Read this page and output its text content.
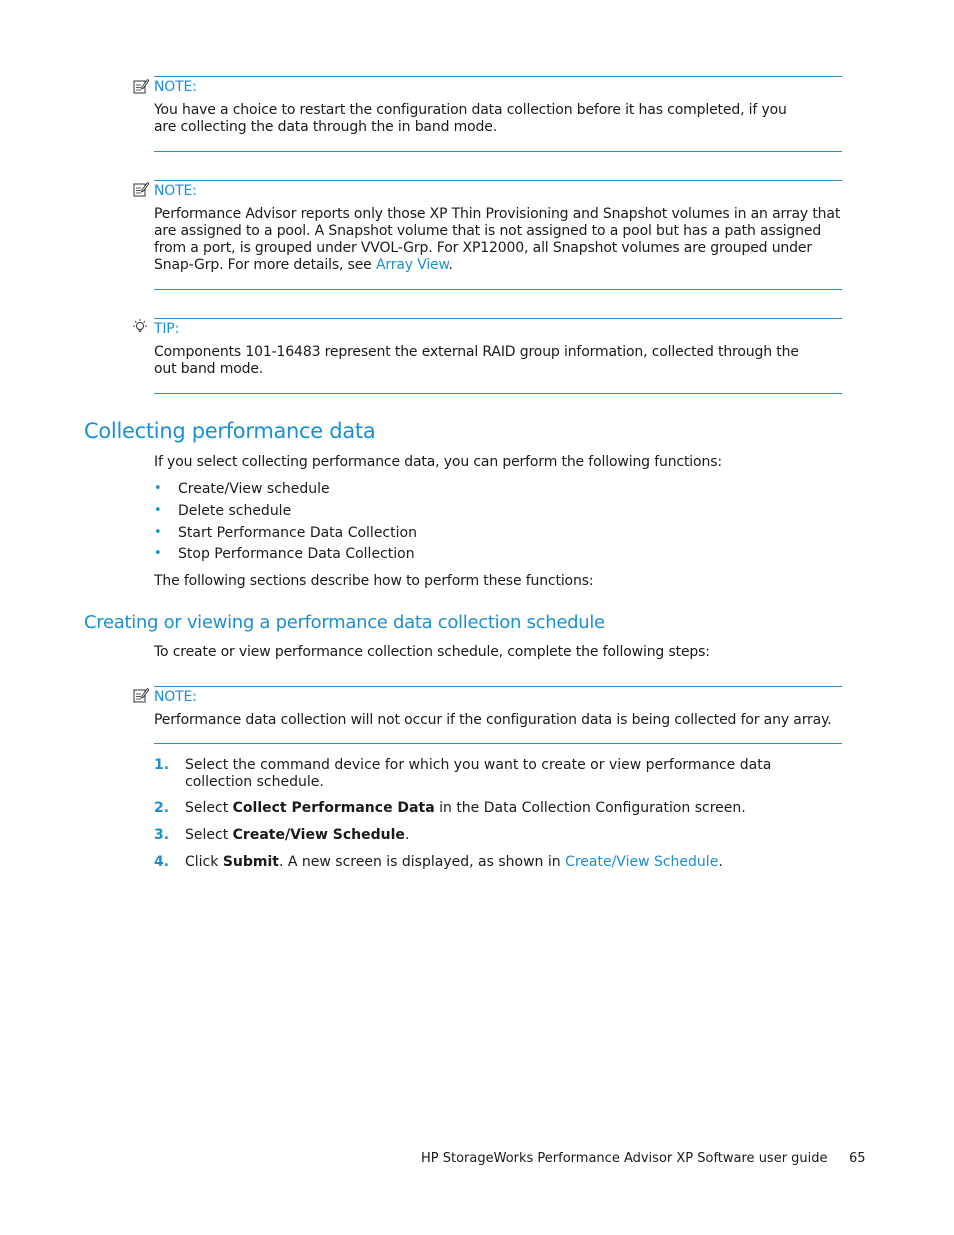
NOTE:
You have a choice to restart the configuration data collection before it has completed, if you are collecting the data through the in band mode.
NOTE:
Performance Advisor reports only those XP Thin Provisioning and Snapshot volumes in an array that are assigned to a pool. A Snapshot volume that is not assigned to a pool but has a path assigned from a port, is grouped under VVOL-Grp. For XP12000, all Snapshot volumes are grouped under Snap-Grp. For more details, see Array View.
TIP:
Components 101-16483 represent the external RAID group information, collected through the out band mode.
Collecting performance data
If you select collecting performance data, you can perform the following functions:
• Create/View schedule
• Delete schedule
• Start Performance Data Collection
• Stop Performance Data Collection
The following sections describe how to perform these functions:
Creating or viewing a performance data collection schedule
To create or view performance collection schedule, complete the following steps:
NOTE:
Performance data collection will not occur if the configuration data is being collected for any array.
1. Select the command device for which you want to create or view performance data collection schedule.
2. Select Collect Performance Data in the Data Collection Configuration screen.
3. Select Create/View Schedule.
4. Click Submit. A new screen is displayed, as shown in Create/View Schedule.
HP StorageWorks Performance Advisor XP Software user guide 65
